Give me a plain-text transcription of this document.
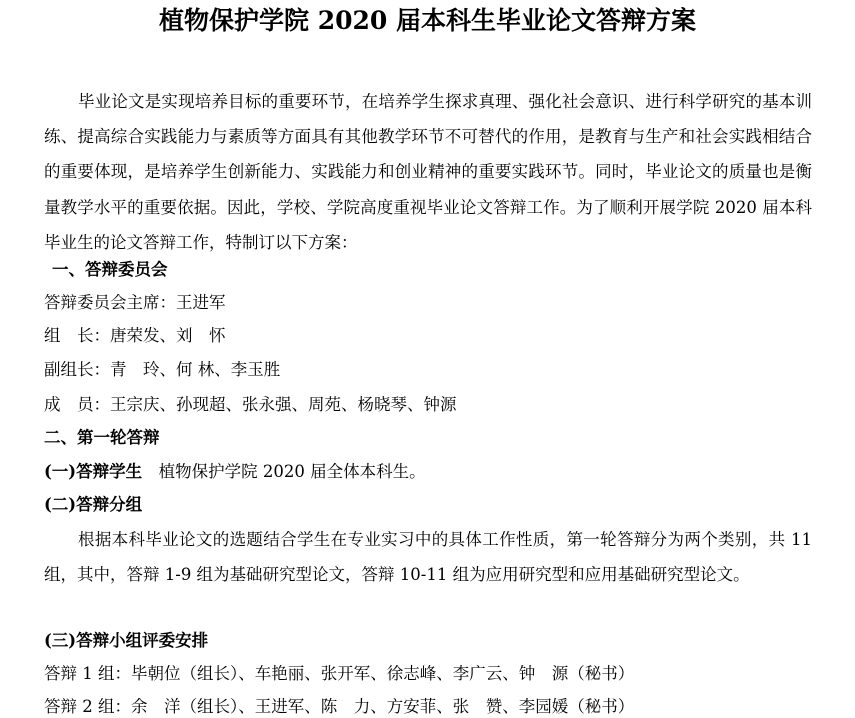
植物保护学院 2020 届本科生毕业论文答辩方案
毕业论文是实现培养目标的重要环节，在培养学生探求真理、强化社会意识、进行科学研究的基本训练、提高综合实践能力与素质等方面具有其他教学环节不可替代的作用，是教育与生产和社会实践相结合的重要体现，是培养学生创新能力、实践能力和创业精神的重要实践环节。同时，毕业论文的质量也是衡量教学水平的重要依据。因此，学校、学院高度重视毕业论文答辩工作。为了顺利开展学院 2020 届本科毕业生的论文答辩工作，特制订以下方案：
一、答辩委员会
答辩委员会主席：王进军
组　长：唐荣发、刘　怀
副组长：青　玲、何 林、李玉胜
成　员：王宗庆、孙现超、张永强、周苑、杨晓琴、钟源
二、第一轮答辩
(一)答辩学生　植物保护学院 2020 届全体本科生。
(二)答辩分组
根据本科毕业论文的选题结合学生在专业实习中的具体工作性质，第一轮答辩分为两个类别，共 11 组，其中，答辩 1-9 组为基础研究型论文，答辩 10-11 组为应用研究型和应用基础研究型论文。
(三)答辩小组评委安排
答辩 1 组：毕朝位（组长）、车艳丽、张开军、徐志峰、李广云、钟　源（秘书）
答辩 2 组：余　洋（组长）、王进军、陈　力、方安菲、张　赞、李园媛（秘书）
